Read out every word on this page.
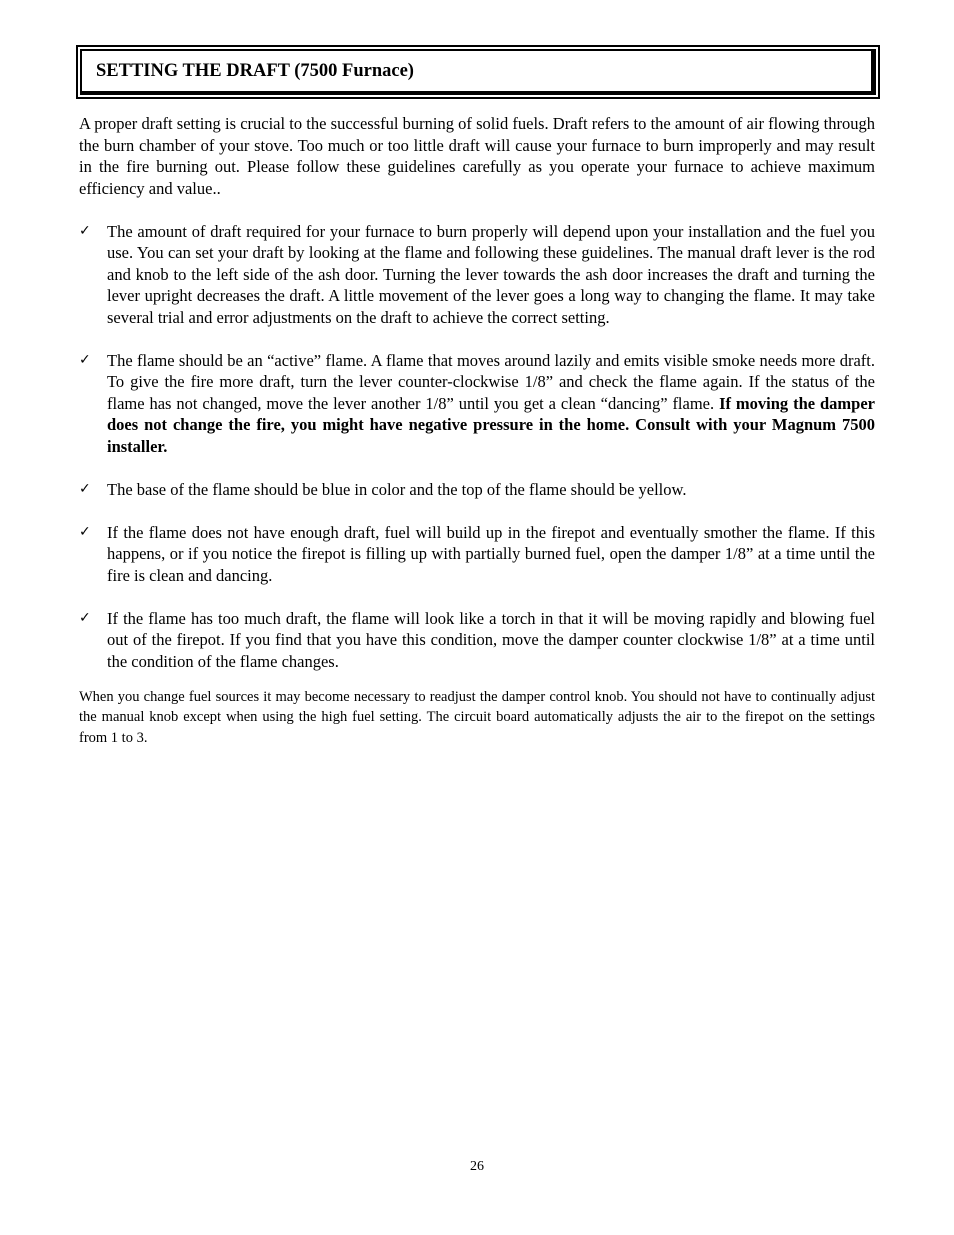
SETTING THE DRAFT (7500 Furnace)

A proper draft setting is crucial to the successful burning of solid fuels. Draft refers to the amount of air flowing through the burn chamber of your stove. Too much or too little draft will cause your furnace to burn improperly and may result in the fire burning out. Please follow these guidelines carefully as you operate your furnace to achieve maximum efficiency and value..

✓ The amount of draft required for your furnace to burn properly will depend upon your installation and the fuel you use. You can set your draft by looking at the flame and following these guidelines. The manual draft lever is the rod and knob to the left side of the ash door. Turning the lever towards the ash door increases the draft and turning the lever upright decreases the draft. A little movement of the lever goes a long way to changing the flame. It may take several trial and error adjustments on the draft to achieve the correct setting.

✓ The flame should be an “active” flame. A flame that moves around lazily and emits visible smoke needs more draft. To give the fire more draft, turn the lever counter-clockwise 1/8” and check the flame again. If the status of the flame has not changed, move the lever another 1/8” until you get a clean “dancing” flame. If moving the damper does not change the fire, you might have negative pressure in the home. Consult with your Magnum 7500 installer.

✓ The base of the flame should be blue in color and the top of the flame should be yellow.

✓ If the flame does not have enough draft, fuel will build up in the firepot and eventually smother the flame. If this happens, or if you notice the firepot is filling up with partially burned fuel, open the damper 1/8” at a time until the fire is clean and dancing.

✓ If the flame has too much draft, the flame will look like a torch in that it will be moving rapidly and blowing fuel out of the firepot. If you find that you have this condition, move the damper counter clockwise 1/8” at a time until the condition of the flame changes.

When you change fuel sources it may become necessary to readjust the damper control knob. You should not have to continually adjust the manual knob except when using the high fuel setting. The circuit board automatically adjusts the air to the firepot on the settings from 1 to 3.

26
